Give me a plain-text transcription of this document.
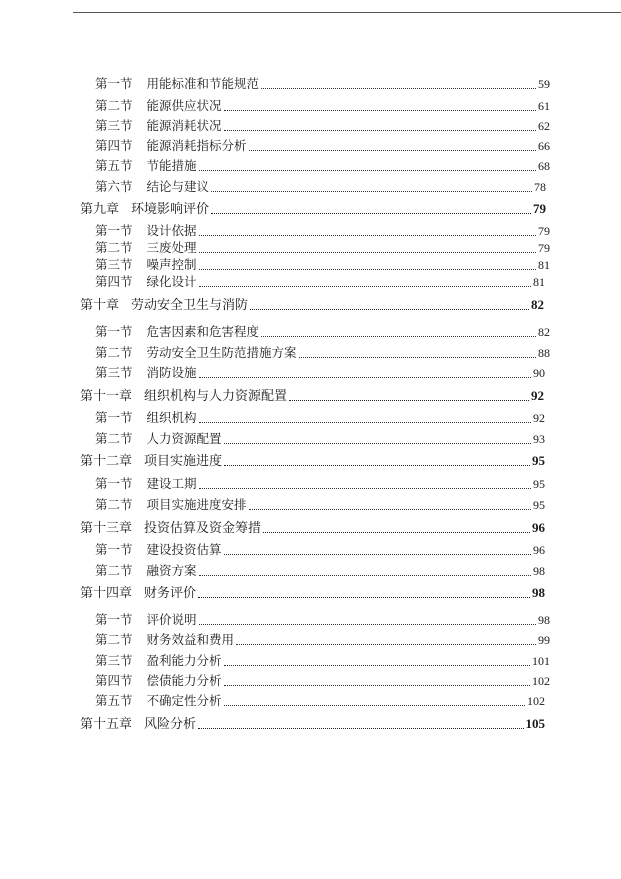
第一节 用能标准和节能规范	59
第二节 能源供应状况	61
第三节 能源消耗状况	62
第四节 能源消耗指标分析	66
第五节 节能措施	68
第六节 结论与建议	78
第九章 环境影响评价	79
第一节 设计依据	79
第二节 三废处理	79
第三节 噪声控制	81
第四节 绿化设计	81
第十章 劳动安全卫生与消防	82
第一节 危害因素和危害程度	82
第二节 劳动安全卫生防范措施方案	88
第三节 消防设施	90
第十一章 组织机构与人力资源配置	92
第一节 组织机构	92
第二节 人力资源配置	93
第十二章 项目实施进度	95
第一节 建设工期	95
第二节 项目实施进度安排	95
第十三章 投资估算及资金筹措	96
第一节 建设投资估算	96
第二节 融资方案	98
第十四章 财务评价	98
第一节 评价说明	98
第二节 财务效益和费用	99
第三节 盈利能力分析	101
第四节 偿债能力分析	102
第五节 不确定性分析	102
第十五章 风险分析	105
